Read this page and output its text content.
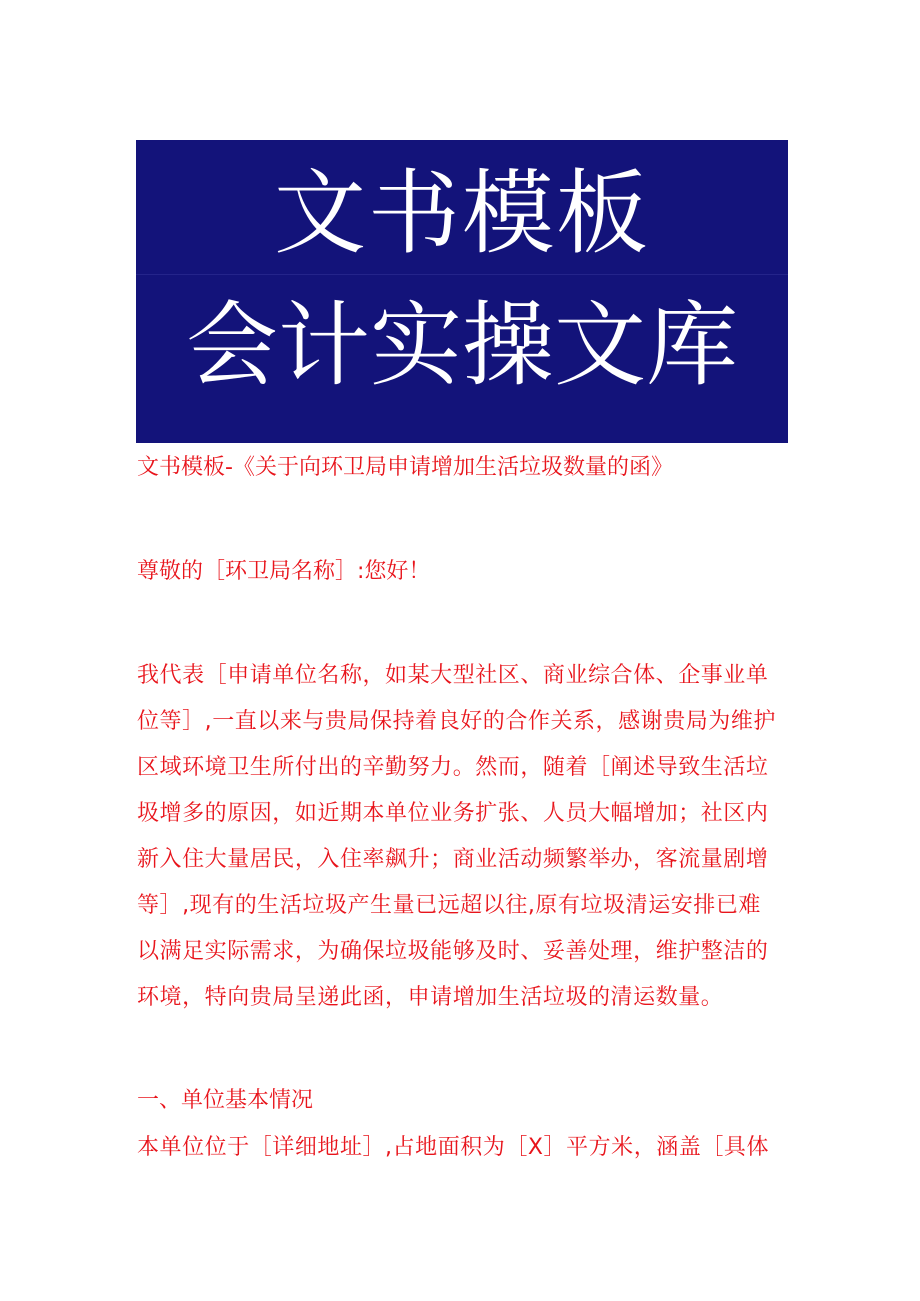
文书模板
会计实操文库
文书模板-《关于向环卫局申请增加生活垃圾数量的函》
尊敬的［环卫局名称］:您好！
我代表［申请单位名称，如某大型社区、商业综合体、企事业单
位等］,一直以来与贵局保持着良好的合作关系，感谢贵局为维护
区域环境卫生所付出的辛勤努力。然而，随着［阐述导致生活垃
圾增多的原因，如近期本单位业务扩张、人员大幅增加；社区内
新入住大量居民，入住率飙升；商业活动频繁举办，客流量剧增
等］,现有的生活垃圾产生量已远超以往,原有垃圾清运安排已难
以满足实际需求，为确保垃圾能够及时、妥善处理，维护整洁的
环境，特向贵局呈递此函，申请增加生活垃圾的清运数量。
一、单位基本情况
本单位位于［详细地址］,占地面积为［X］平方米，涵盖［具体
